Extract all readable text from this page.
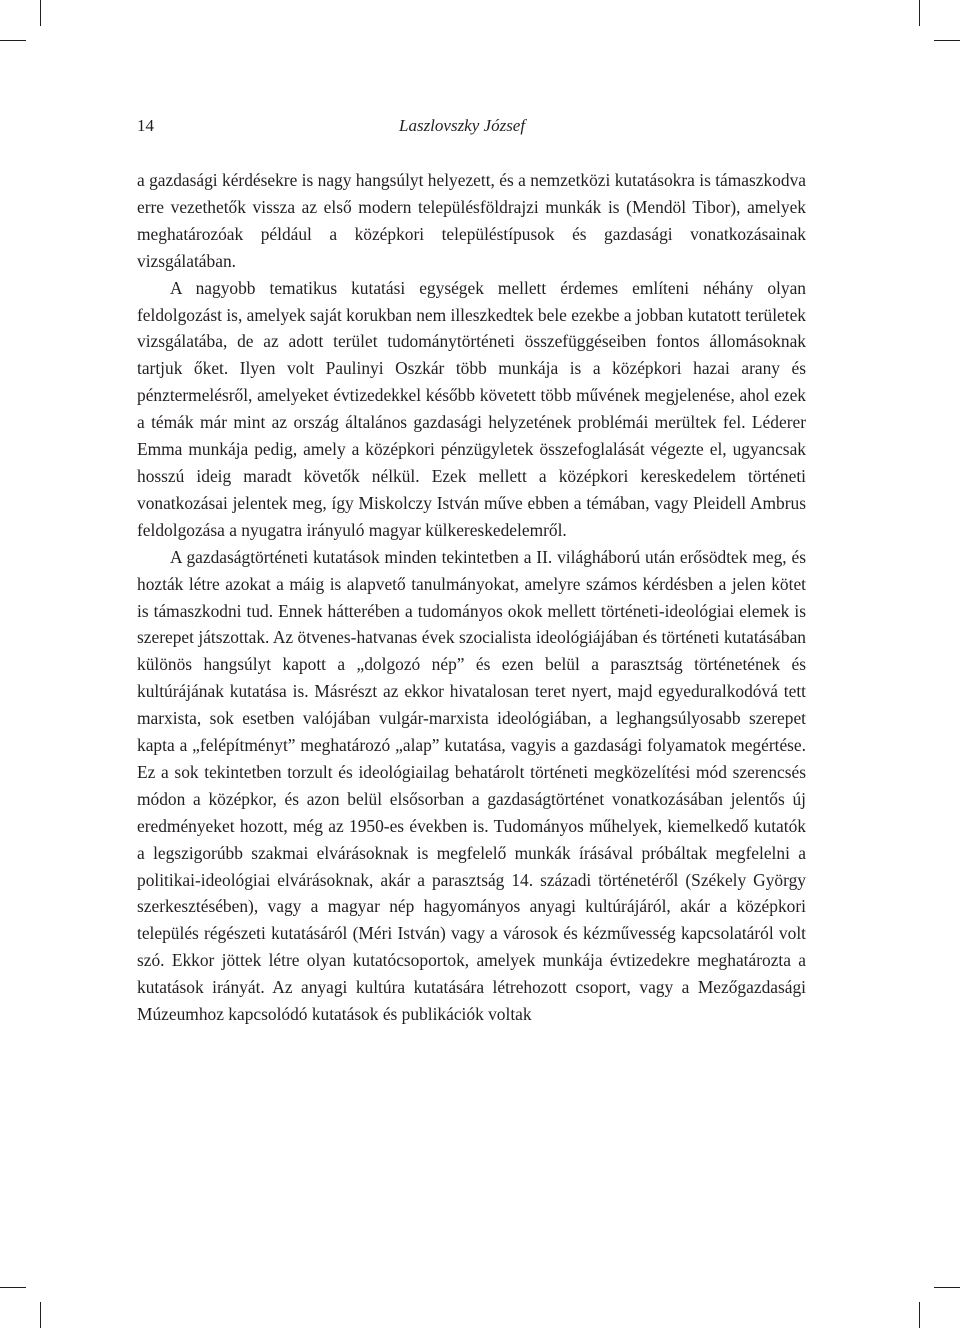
14	Laszlovszky József

a gazdasági kérdésekre is nagy hangsúlyt helyezett, és a nemzetközi kutatásokra is támaszkodva erre vezethetők vissza az első modern településföldrajzi munkák is (Mendöl Tibor), amelyek meghatározóak például a középkori településtípusok és gazdasági vonatkozásainak vizsgálatában.

A nagyobb tematikus kutatási egységek mellett érdemes említeni néhány olyan feldolgozást is, amelyek saját korukban nem illeszkedtek bele ezekbe a jobban kutatott területek vizsgálatába, de az adott terület tudománytörténeti összefüggéseiben fontos állomásoknak tartjuk őket. Ilyen volt Paulinyi Oszkár több munkája is a középkori hazai arany és pénztermelésről, amelyeket évtizedekkel később követett több művének megjelenése, ahol ezek a témák már mint az ország általános gazdasági helyzetének problémái merültek fel. Léderer Emma munkája pedig, amely a középkori pénzügyletek összefoglalását végezte el, ugyancsak hosszú ideig maradt követők nélkül. Ezek mellett a középkori kereskedelem történeti vonatkozásai jelentek meg, így Miskolczy István műve ebben a témában, vagy Pleidell Ambrus feldolgozása a nyugatra irányuló magyar külkereskedelemről.

A gazdaságtörténeti kutatások minden tekintetben a II. világháború után erősödtek meg, és hozták létre azokat a máig is alapvető tanulmányokat, amelyre számos kérdésben a jelen kötet is támaszkodni tud. Ennek hátterében a tudományos okok mellett történeti-ideológiai elemek is szerepet játszottak. Az ötvenes-hatvanas évek szocialista ideológiájában és történeti kutatásában különös hangsúlyt kapott a „dolgozó nép” és ezen belül a parasztság történetének és kultúrájának kutatása is. Másrészt az ekkor hivatalosan teret nyert, majd egyeduralkodóvá tett marxista, sok esetben valójában vulgár-marxista ideológiában, a leghangsúlyosabb szerepet kapta a „felépítményt” meghatározó „alap” kutatása, vagyis a gazdasági folyamatok megértése. Ez a sok tekintetben torzult és ideológiailag behatárolt történeti megközelítési mód szerencsés módon a középkor, és azon belül elsősorban a gazdaságtörténet vonatkozásában jelentős új eredményeket hozott, még az 1950-es években is. Tudományos műhelyek, kiemelkedő kutatók a legszigorúbb szakmai elvárásoknak is megfelelő munkák írásával próbáltak megfelelni a politikai-ideológiai elvárásoknak, akár a parasztság 14. századi történetéről (Székely György szerkesztésében), vagy a magyar nép hagyományos anyagi kultúrájáról, akár a középkori település régészeti kutatásáról (Méri István) vagy a városok és kézművesség kapcsolatáról volt szó. Ekkor jöttek létre olyan kutatócsoportok, amelyek munkája évtizedekre meghatározta a kutatások irányát. Az anyagi kultúra kutatására létrehozott csoport, vagy a Mezőgazdasági Múzeumhoz kapcsolódó kutatások és publikációk voltak
